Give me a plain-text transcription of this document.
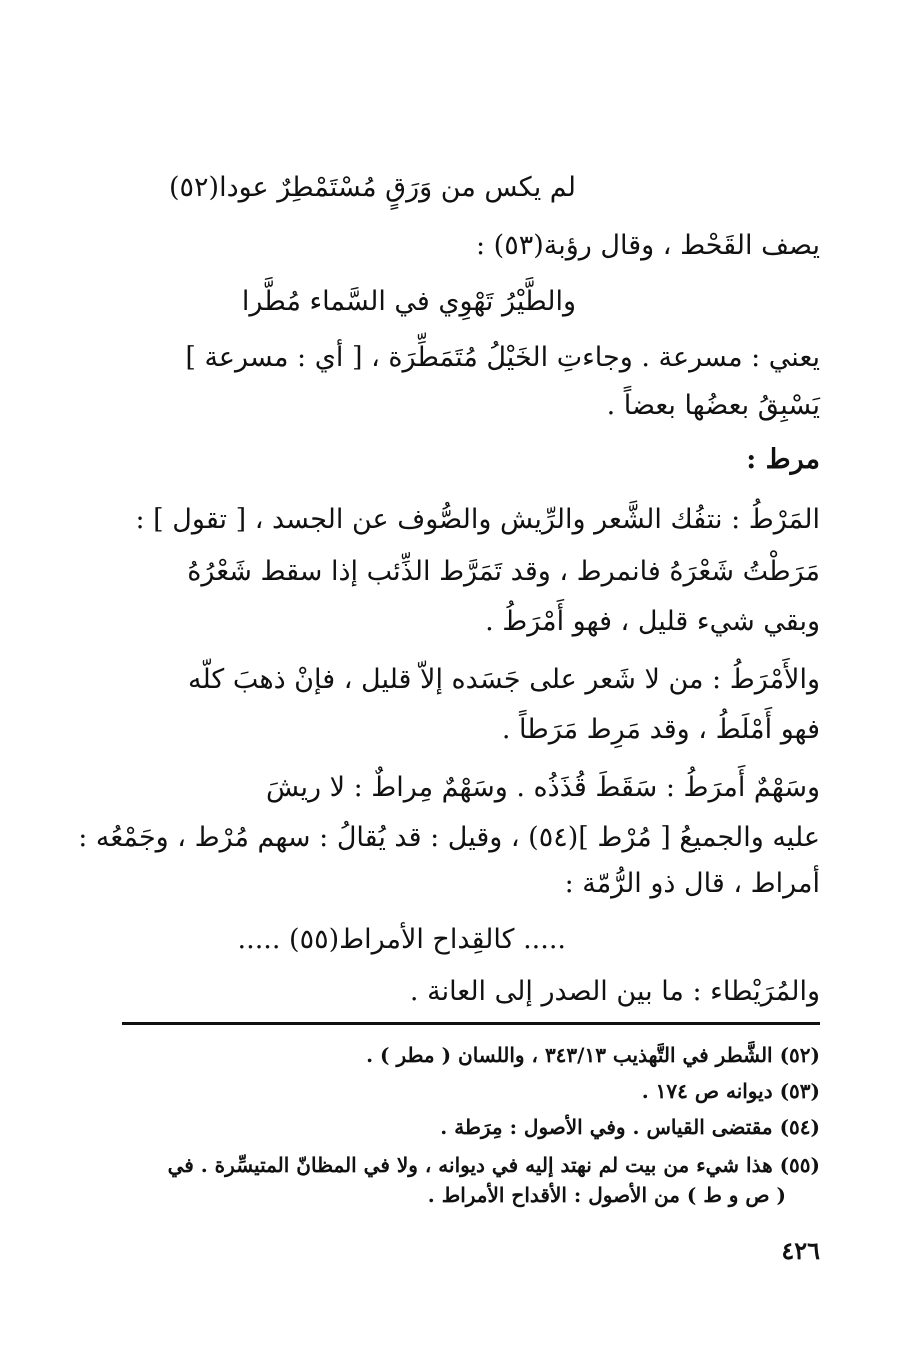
لم يكس من وَرَقٍ مُسْتَمْطِرٌ عودا(٥٢)
يصف القَحْط ، وقال رؤبة(٥٣) :
والطَّيْرُ تَهْوِي في السَّماء مُطَّرا
يعني : مسرعة . وجاءتِ الخَيْلُ مُتَمَطِّرَة ، [ أي : مسرعة ]
يَسْبِقُ بعضُها بعضاً .
مرط :
المَرْطُ : نتفُك الشَّعر والرِّيش والصُّوف عن الجسد ، [ تقول ] :
مَرَطْتُ شَعْرَهُ فانمرط ، وقد تَمَرَّط الذِّئب إذا سقط شَعْرُهُ
وبقي شيء قليل ، فهو أَمْرَطُ .
والأَمْرَطُ : من لا شَعر على جَسَده إلاّ قليل ، فإنْ ذهبَ كلّه
فهو أَمْلَطُ ، وقد مَرِط مَرَطاً .
وسَهْمٌ أَمرَطُ : سَقَطَ قُذَذُه . وسَهْمٌ مِراطٌ : لا ريشَ
عليه والجميعُ [ مُرْط ](٥٤) ، وقيل : قد يُقالُ : سهم مُرْط ، وجَمْعُه :
أمراط ، قال ذو الرُّمّة :
..... كالقِداح الأمراط(٥٥) .....
والمُرَيْطاء : ما بين الصدر إلى العانة .
(٥٢) الشَّطر في التَّهذيب ٣٤٣/١٣ ، واللسان ( مطر ) .
(٥٣) ديوانه ص ١٧٤ .
(٥٤) مقتضى القياس . وفي الأصول : مِرَطة .
(٥٥) هذا شيء من بيت لم نهتد إليه في ديوانه ، ولا في المظانّ المتيسِّرة . في
( ص و ط ) من الأصول : الأقداح الأمراط .
٤٢٦
